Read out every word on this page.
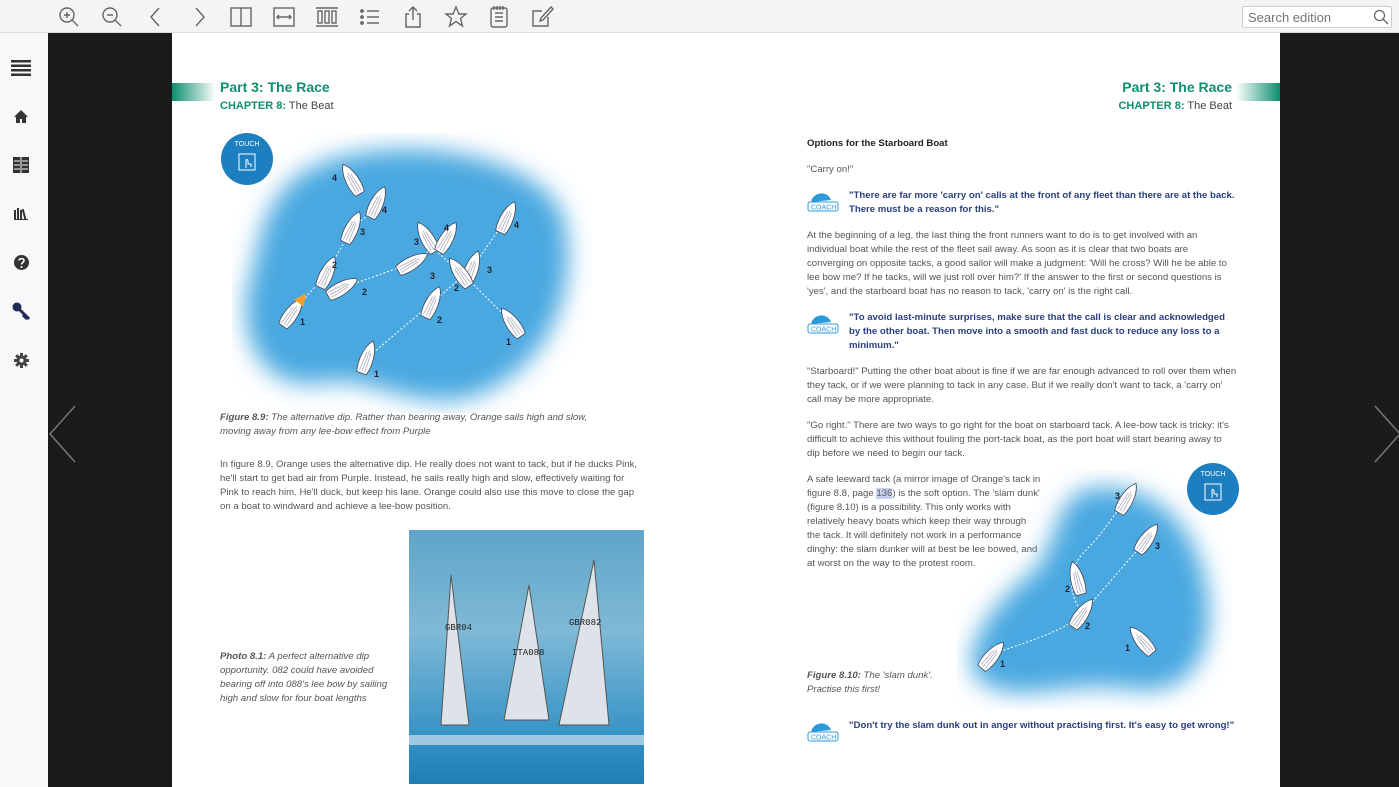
Search edition
Part 3: The Race
CHAPTER 8: The Beat
TOUCH
1
2
3
4
4
2
3
3
4
1
2
3
4
1
2
Figure 8.9: The alternative dip. Rather than bearing away, Orange sails high and slow, moving away from any lee-bow effect from Purple
In figure 8.9, Orange uses the alternative dip. He really does not want to tack, but if he ducks Pink, he'll start to get bad air from Purple. Instead, he sails really high and slow, effectively waiting for Pink to reach him. He'll duck, but keep his lane. Orange could also use this move to close the gap on a boat to windward and achieve a lee-bow position.
Photo 8.1: A perfect alternative dip opportunity. 082 could have avoided bearing off into 088's lee bow by sailing high and slow for four boat lengths
GBR04
ITA088
GBR082
Part 3: The Race
CHAPTER 8: The Beat
Options for the Starboard Boat
"Carry on!"
COACH
"There are far more 'carry on' calls at the front of any fleet than there are at the back. There must be a reason for this."
At the beginning of a leg, the last thing the front runners want to do is to get involved with an individual boat while the rest of the fleet sail away. As soon as it is clear that two boats are converging on opposite tacks, a good sailor will make a judgment: 'Will he cross? Will he be able to lee bow me? If he tacks, will we just roll over him?' If the answer to the first or second questions is 'yes', and the starboard boat has no reason to tack, 'carry on' is the right call.
COACH
"To avoid last-minute surprises, make sure that the call is clear and acknowledged by the other boat. Then move into a smooth and fast duck to reduce any loss to a minimum."
"Starboard!" Putting the other boat about is fine if we are far enough advanced to roll over them when they tack, or if we were planning to tack in any case. But if we really don't want to tack, a 'carry on' call may be more appropriate.
"Go right." There are two ways to go right for the boat on starboard tack. A lee-bow tack is tricky: it's difficult to achieve this without fouling the port-tack boat, as the port boat will start bearing away to dip before we need to begin our tack.
A safe leeward tack (a mirror image of Orange's tack in figure 8.8, page 136) is the soft option. The 'slam dunk' (figure 8.10) is a possibility. This only works with relatively heavy boats which keep their way through the tack. It will definitely not work in a performance dinghy: the slam dunker will at best be lee bowed, and at worst on the way to the protest room.
1
1
2
2
3
3
TOUCH
Figure 8.10: The 'slam dunk'. Practise this first!
COACH
"Don't try the slam dunk out in anger without practising first. It's easy to get wrong!"
